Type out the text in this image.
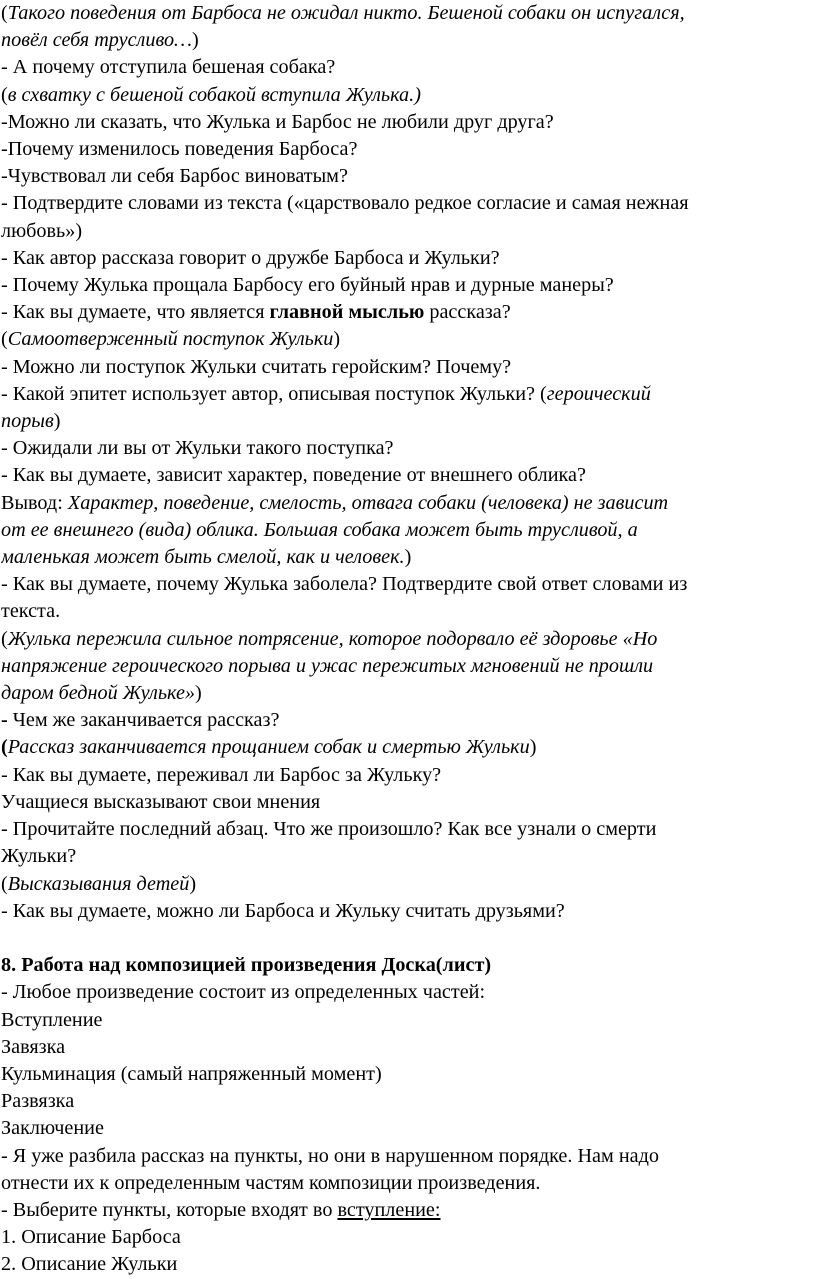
(Такого поведения от Барбоса не ожидал никто. Бешеной собаки он испугался,
повёл себя трусливо…)
- А почему отступила бешеная собака?
(в схватку с бешеной собакой вступила Жулька.)
-Можно ли сказать, что Жулька и Барбос не любили друг друга?
-Почему изменилось поведения Барбоса?
-Чувствовал ли себя Барбос виноватым?
- Подтвердите словами из текста («царствовало редкое согласие и самая нежная
любовь»)
- Как автор рассказа говорит о дружбе Барбоса и Жульки?
- Почему Жулька прощала Барбосу его буйный нрав и дурные манеры?
- Как вы думаете, что является главной мыслью рассказа?
(Самоотверженный поступок Жульки)
- Можно ли поступок Жульки считать геройским? Почему?
- Какой эпитет использует автор, описывая поступок Жульки? (героический
порыв)
- Ожидали ли вы от Жульки такого поступка?
- Как вы думаете, зависит характер, поведение от внешнего облика?
Вывод: Характер, поведение, смелость, отвага собаки (человека) не зависит
от ее внешнего (вида) облика. Большая собака может быть трусливой, а
маленькая может быть смелой, как и человек.)
- Как вы думаете, почему Жулька заболела? Подтвердите свой ответ словами из
текста.
(Жулька пережила сильное потрясение, которое подорвало её здоровье «Но
напряжение героического порыва и ужас пережитых мгновений не прошли
даром бедной Жульке»)
- Чем же заканчивается рассказ?
(Рассказ заканчивается прощанием собак и смертью Жульки)
- Как вы думаете, переживал ли Барбос за Жульку?
Учащиеся высказывают свои мнения
- Прочитайте последний абзац. Что же произошло? Как все узнали о смерти
Жульки?
(Высказывания детей)
- Как вы думаете, можно ли Барбоса и Жульку считать друзьями?
8. Работа над композицией произведения Доска(лист)
- Любое произведение состоит из определенных частей:
Вступление
Завязка
Кульминация (самый напряженный момент)
Развязка
Заключение
- Я уже разбила рассказ на пункты, но они в нарушенном порядке. Нам надо
отнести их к определенным частям композиции произведения.
- Выберите пункты, которые входят во вступление:
1. Описание Барбоса
2. Описание Жульки
